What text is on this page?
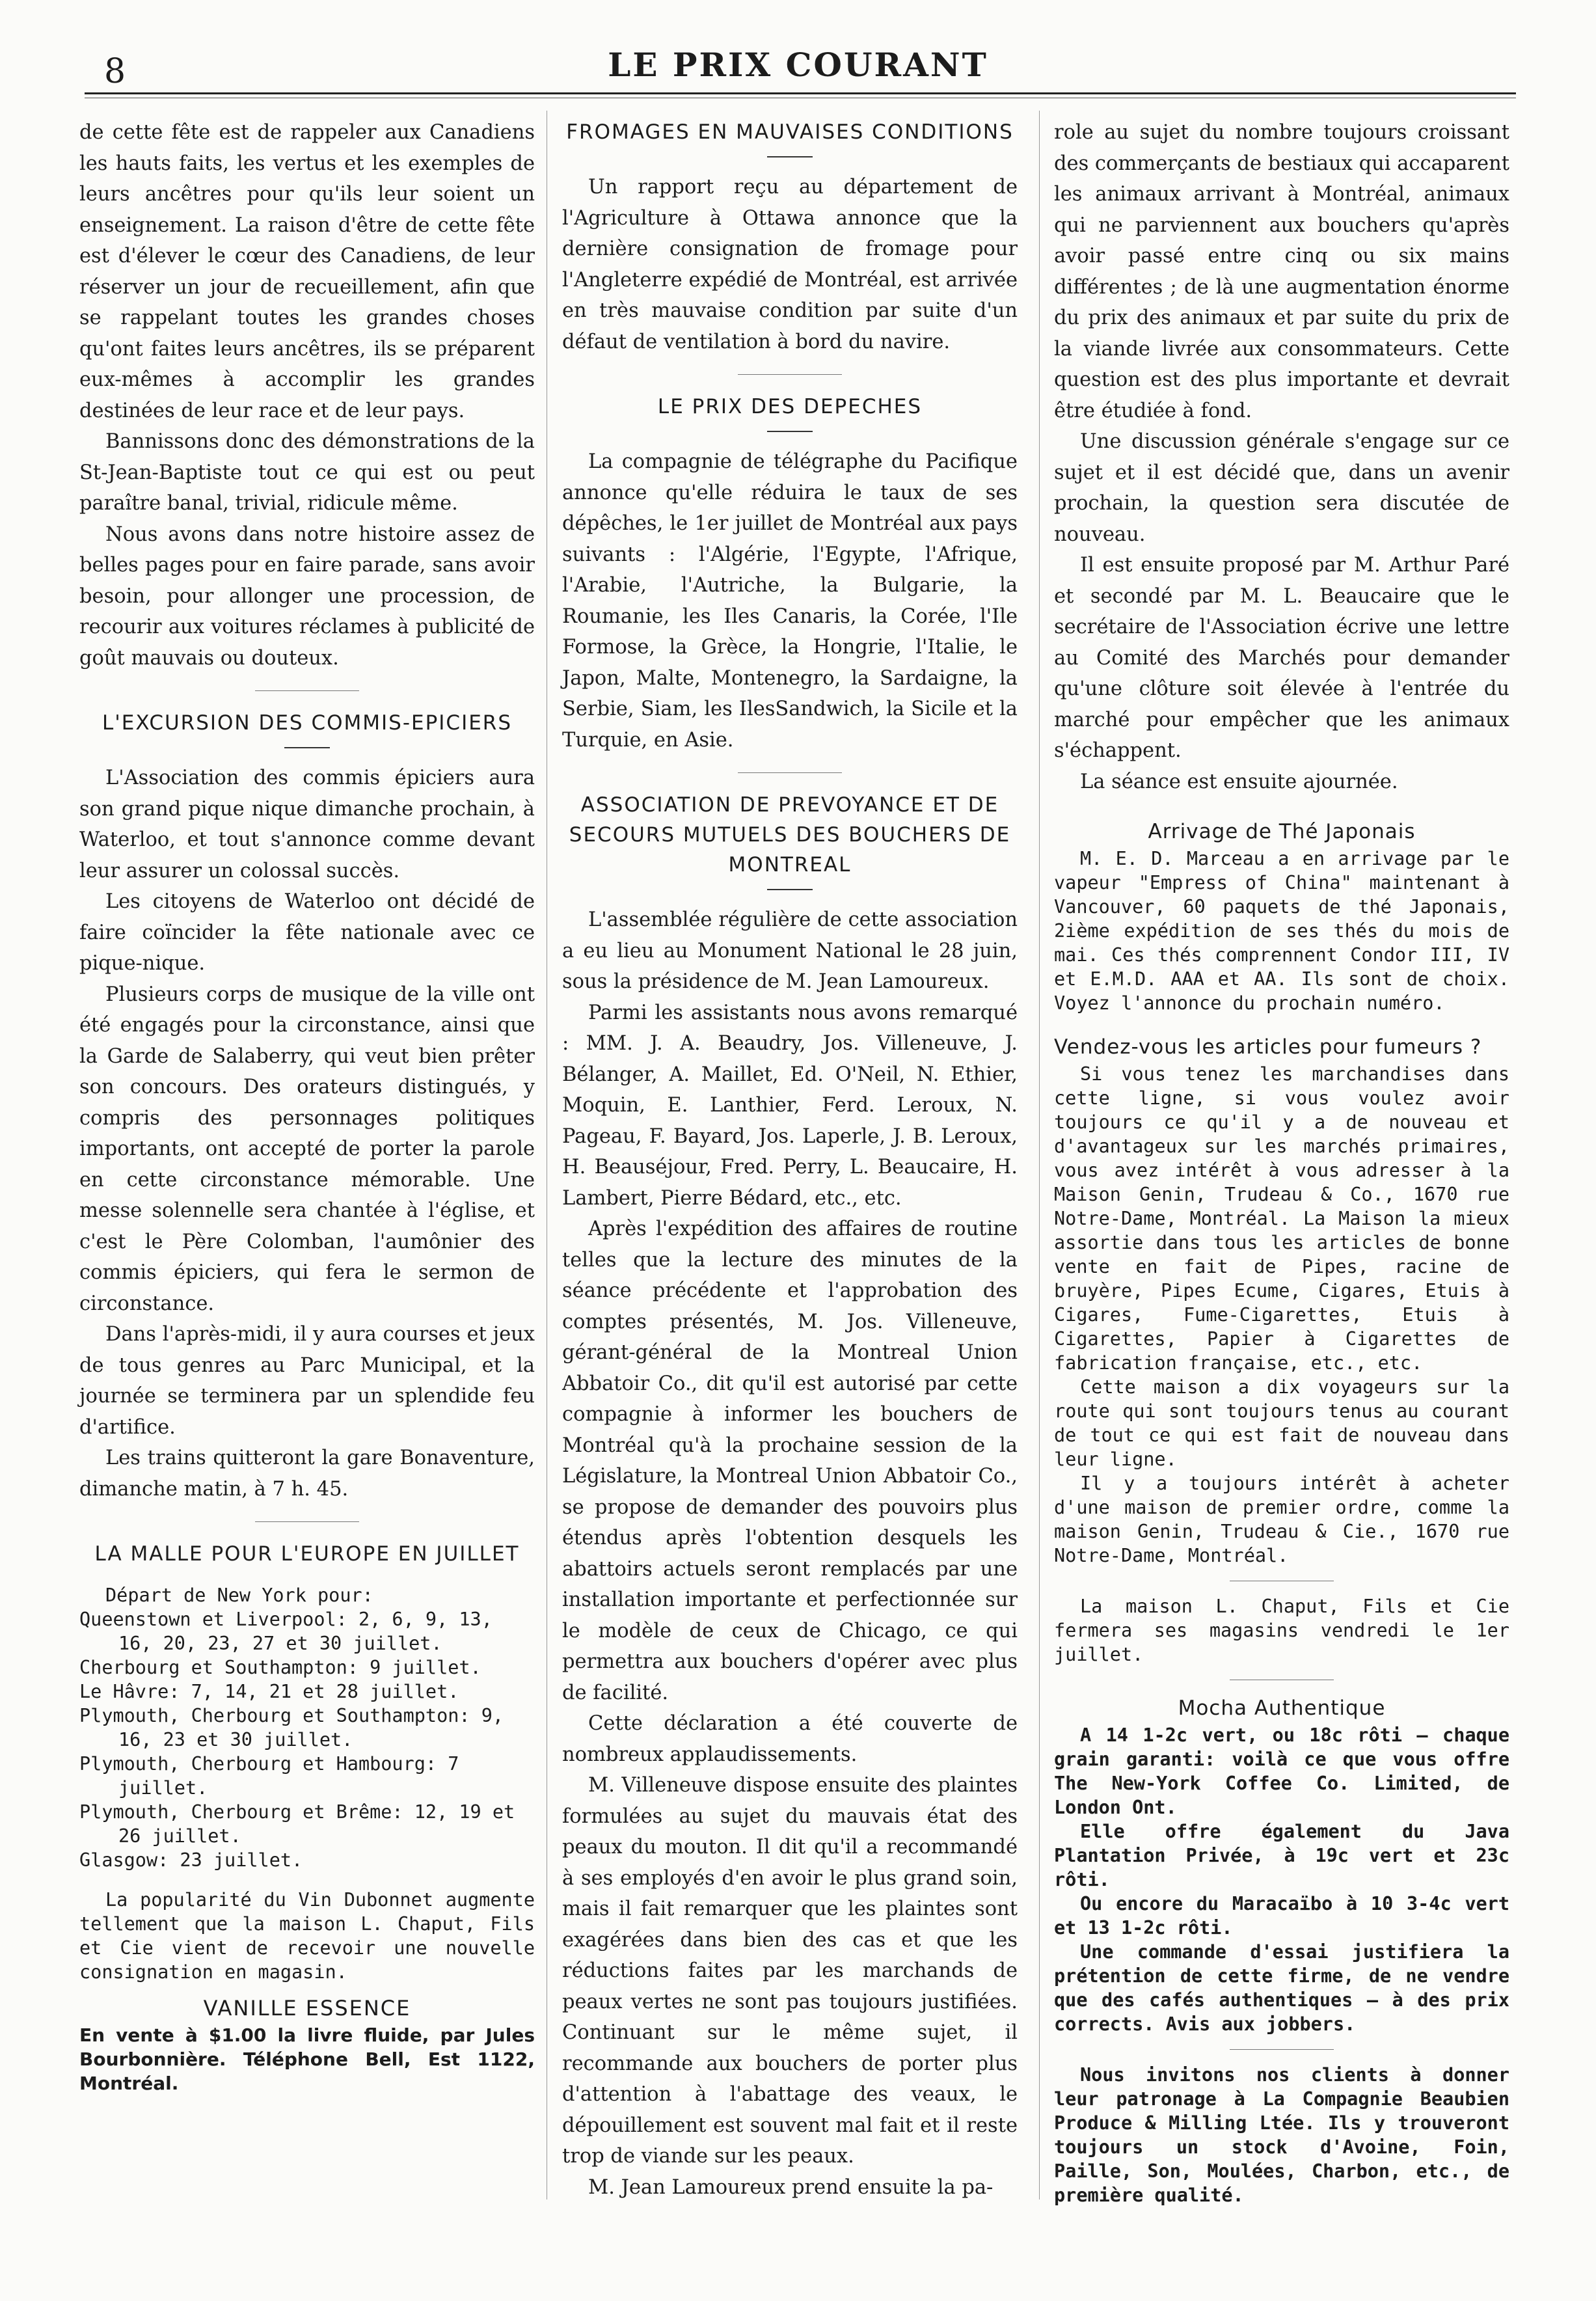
8	LE PRIX COURANT

de cette fête est de rappeler aux Canadiens les hauts faits, les vertus et les exemples de leurs ancêtres pour qu'ils leur soient un enseignement. La raison d'être de cette fête est d'élever le cœur des Canadiens, de leur réserver un jour de recueillement, afin que se rappelant toutes les grandes choses qu'ont faites leurs ancêtres, ils se préparent eux-mêmes à accomplir les grandes destinées de leur race et de leur pays.

Bannissons donc des démonstrations de la St-Jean-Baptiste tout ce qui est ou peut paraître banal, trivial, ridicule même.

Nous avons dans notre histoire assez de belles pages pour en faire parade, sans avoir besoin, pour allonger une procession, de recourir aux voitures réclames à publicité de goût mauvais ou douteux.

L'EXCURSION DES COMMIS-EPICIERS

L'Association des commis épiciers aura son grand pique nique dimanche prochain, à Waterloo, et tout s'annonce comme devant leur assurer un colossal succès.

Les citoyens de Waterloo ont décidé de faire coïncider la fête nationale avec ce pique-nique.

Plusieurs corps de musique de la ville ont été engagés pour la circonstance, ainsi que la Garde de Salaberry, qui veut bien prêter son concours. Des orateurs distingués, y compris des personnages politiques importants, ont accepté de porter la parole en cette circonstance mémorable. Une messe solennelle sera chantée à l'église, et c'est le Père Colomban, l'aumônier des commis épiciers, qui fera le sermon de circonstance.

Dans l'après-midi, il y aura courses et jeux de tous genres au Parc Municipal, et la journée se terminera par un splendide feu d'artifice.

Les trains quitteront la gare Bonaventure, dimanche matin, à 7 h. 45.

LA MALLE POUR L'EUROPE EN JUILLET

Départ de New York pour:

Queenstown et Liverpool: 2, 6, 9, 13, 16, 20, 23, 27 et 30 juillet.

Cherbourg et Southampton: 9 juillet.

Le Hâvre: 7, 14, 21 et 28 juillet.

Plymouth, Cherbourg et Southampton: 9, 16, 23 et 30 juillet.

Plymouth, Cherbourg et Hambourg: 7 juillet.

Plymouth, Cherbourg et Brême: 12, 19 et 26 juillet.

Glasgow: 23 juillet.

La popularité du Vin Dubonnet augmente tellement que la maison L. Chaput, Fils et Cie vient de recevoir une nouvelle consignation en magasin.

VANILLE ESSENCE

En vente à $1.00 la livre fluide, par Jules Bourbonnière. Téléphone Bell, Est 1122, Montréal.

FROMAGES EN MAUVAISES CONDITIONS

Un rapport reçu au département de l'Agriculture à Ottawa annonce que la dernière consignation de fromage pour l'Angleterre expédié de Montréal, est arrivée en très mauvaise condition par suite d'un défaut de ventilation à bord du navire.

LE PRIX DES DEPECHES

La compagnie de télégraphe du Pacifique annonce qu'elle réduira le taux de ses dépêches, le 1er juillet de Montréal aux pays suivants : l'Algérie, l'Egypte, l'Afrique, l'Arabie, l'Autriche, la Bulgarie, la Roumanie, les Iles Canaris, la Corée, l'Ile Formose, la Grèce, la Hongrie, l'Italie, le Japon, Malte, Montenegro, la Sardaigne, la Serbie, Siam, les IlesSandwich, la Sicile et la Turquie, en Asie.

ASSOCIATION DE PREVOYANCE ET DE SECOURS MUTUELS DES BOUCHERS DE MONTREAL

L'assemblée régulière de cette association a eu lieu au Monument National le 28 juin, sous la présidence de M. Jean Lamoureux.

Parmi les assistants nous avons remarqué : MM. J. A. Beaudry, Jos. Villeneuve, J. Bélanger, A. Maillet, Ed. O'Neil, N. Ethier, Moquin, E. Lanthier, Ferd. Leroux, N. Pageau, F. Bayard, Jos. Laperle, J. B. Leroux, H. Beauséjour, Fred. Perry, L. Beaucaire, H. Lambert, Pierre Bédard, etc., etc.

Après l'expédition des affaires de routine telles que la lecture des minutes de la séance précédente et l'approbation des comptes présentés, M. Jos. Villeneuve, gérant-général de la Montreal Union Abbatoir Co., dit qu'il est autorisé par cette compagnie à informer les bouchers de Montréal qu'à la prochaine session de la Législature, la Montreal Union Abbatoir Co., se propose de demander des pouvoirs plus étendus après l'obtention desquels les abattoirs actuels seront remplacés par une installation importante et perfectionnée sur le modèle de ceux de Chicago, ce qui permettra aux bouchers d'opérer avec plus de facilité.

Cette déclaration a été couverte de nombreux applaudissements.

M. Villeneuve dispose ensuite des plaintes formulées au sujet du mauvais état des peaux du mouton. Il dit qu'il a recommandé à ses employés d'en avoir le plus grand soin, mais il fait remarquer que les plaintes sont exagérées dans bien des cas et que les réductions faites par les marchands de peaux vertes ne sont pas toujours justifiées. Continuant sur le même sujet, il recommande aux bouchers de porter plus d'attention à l'abattage des veaux, le dépouillement est souvent mal fait et il reste trop de viande sur les peaux.

M. Jean Lamoureux prend ensuite la pa-

role au sujet du nombre toujours croissant des commerçants de bestiaux qui accaparent les animaux arrivant à Montréal, animaux qui ne parviennent aux bouchers qu'après avoir passé entre cinq ou six mains différentes ; de là une augmentation énorme du prix des animaux et par suite du prix de la viande livrée aux consommateurs. Cette question est des plus importante et devrait être étudiée à fond.

Une discussion générale s'engage sur ce sujet et il est décidé que, dans un avenir prochain, la question sera discutée de nouveau.

Il est ensuite proposé par M. Arthur Paré et secondé par M. L. Beaucaire que le secrétaire de l'Association écrive une lettre au Comité des Marchés pour demander qu'une clôture soit élevée à l'entrée du marché pour empêcher que les animaux s'échappent.

La séance est ensuite ajournée.

Arrivage de Thé Japonais

M. E. D. Marceau a en arrivage par le vapeur "Empress of China" maintenant à Vancouver, 60 paquets de thé Japonais, 2ième expédition de ses thés du mois de mai. Ces thés comprennent Condor III, IV et E.M.D. AAA et AA. Ils sont de choix. Voyez l'annonce du prochain numéro.

Vendez-vous les articles pour fumeurs ?

Si vous tenez les marchandises dans cette ligne, si vous voulez avoir toujours ce qu'il y a de nouveau et d'avantageux sur les marchés primaires, vous avez intérêt à vous adresser à la Maison Genin, Trudeau & Co., 1670 rue Notre-Dame, Montréal. La Maison la mieux assortie dans tous les articles de bonne vente en fait de Pipes, racine de bruyère, Pipes Ecume, Cigares, Etuis à Cigares, Fume-Cigarettes, Etuis à Cigarettes, Papier à Cigarettes de fabrication française, etc., etc.

Cette maison a dix voyageurs sur la route qui sont toujours tenus au courant de tout ce qui est fait de nouveau dans leur ligne.

Il y a toujours intérêt à acheter d'une maison de premier ordre, comme la maison Genin, Trudeau & Cie., 1670 rue Notre-Dame, Montréal.

La maison L. Chaput, Fils et Cie fermera ses magasins vendredi le 1er juillet.

Mocha Authentique

A 14 1-2c vert, ou 18c rôti — chaque grain garanti: voilà ce que vous offre The New-York Coffee Co. Limited, de London Ont.

Elle offre également du Java Plantation Privée, à 19c vert et 23c rôti.

Ou encore du Maracaïbo à 10 3-4c vert et 13 1-2c rôti.

Une commande d'essai justifiera la prétention de cette firme, de ne vendre que des cafés authentiques — à des prix corrects. Avis aux jobbers.

Nous invitons nos clients à donner leur patronage à La Compagnie Beaubien Produce & Milling Ltée. Ils y trouveront toujours un stock d'Avoine, Foin, Paille, Son, Moulées, Charbon, etc., de première qualité.
